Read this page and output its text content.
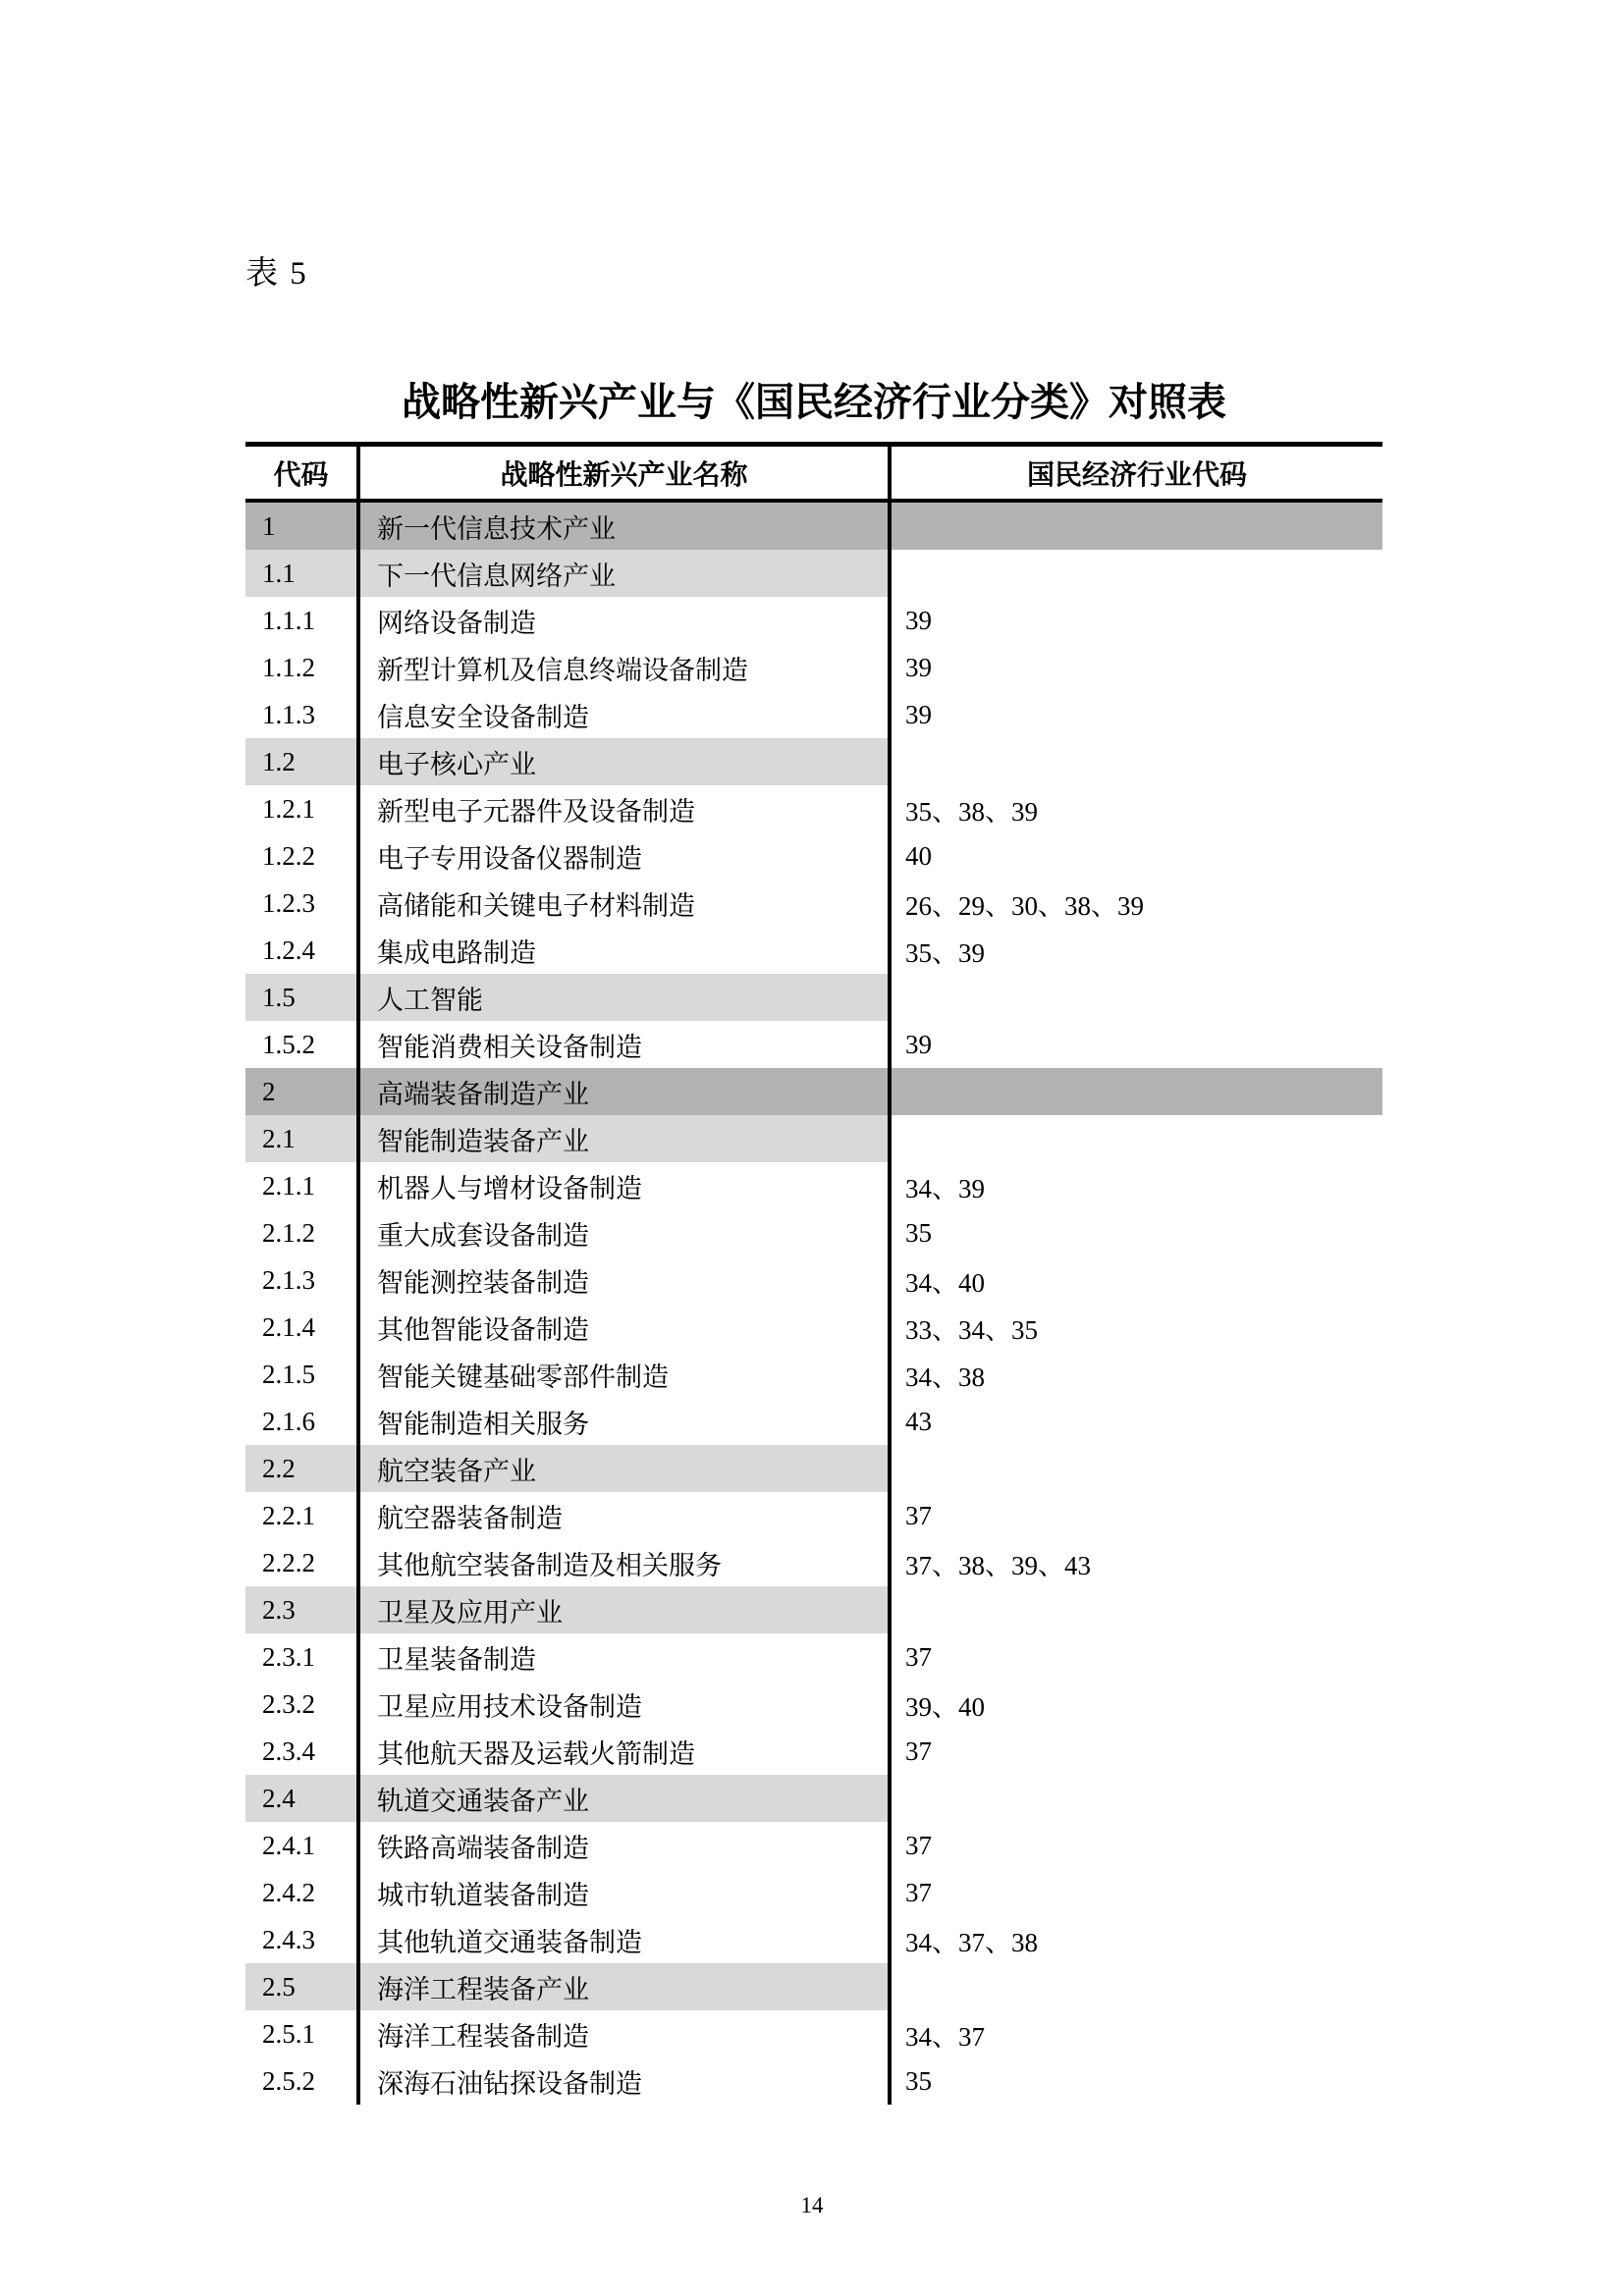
表 5
战略性新兴产业与《国民经济行业分类》对照表
代码	战略性新兴产业名称	国民经济行业代码
1	新一代信息技术产业
1.1	下一代信息网络产业
1.1.1	网络设备制造	39
1.1.2	新型计算机及信息终端设备制造	39
1.1.3	信息安全设备制造	39
1.2	电子核心产业
1.2.1	新型电子元器件及设备制造	35、38、39
1.2.2	电子专用设备仪器制造	40
1.2.3	高储能和关键电子材料制造	26、29、30、38、39
1.2.4	集成电路制造	35、39
1.5	人工智能
1.5.2	智能消费相关设备制造	39
2	高端装备制造产业
2.1	智能制造装备产业
2.1.1	机器人与增材设备制造	34、39
2.1.2	重大成套设备制造	35
2.1.3	智能测控装备制造	34、40
2.1.4	其他智能设备制造	33、34、35
2.1.5	智能关键基础零部件制造	34、38
2.1.6	智能制造相关服务	43
2.2	航空装备产业
2.2.1	航空器装备制造	37
2.2.2	其他航空装备制造及相关服务	37、38、39、43
2.3	卫星及应用产业
2.3.1	卫星装备制造	37
2.3.2	卫星应用技术设备制造	39、40
2.3.4	其他航天器及运载火箭制造	37
2.4	轨道交通装备产业
2.4.1	铁路高端装备制造	37
2.4.2	城市轨道装备制造	37
2.4.3	其他轨道交通装备制造	34、37、38
2.5	海洋工程装备产业
2.5.1	海洋工程装备制造	34、37
2.5.2	深海石油钻探设备制造	35
14
